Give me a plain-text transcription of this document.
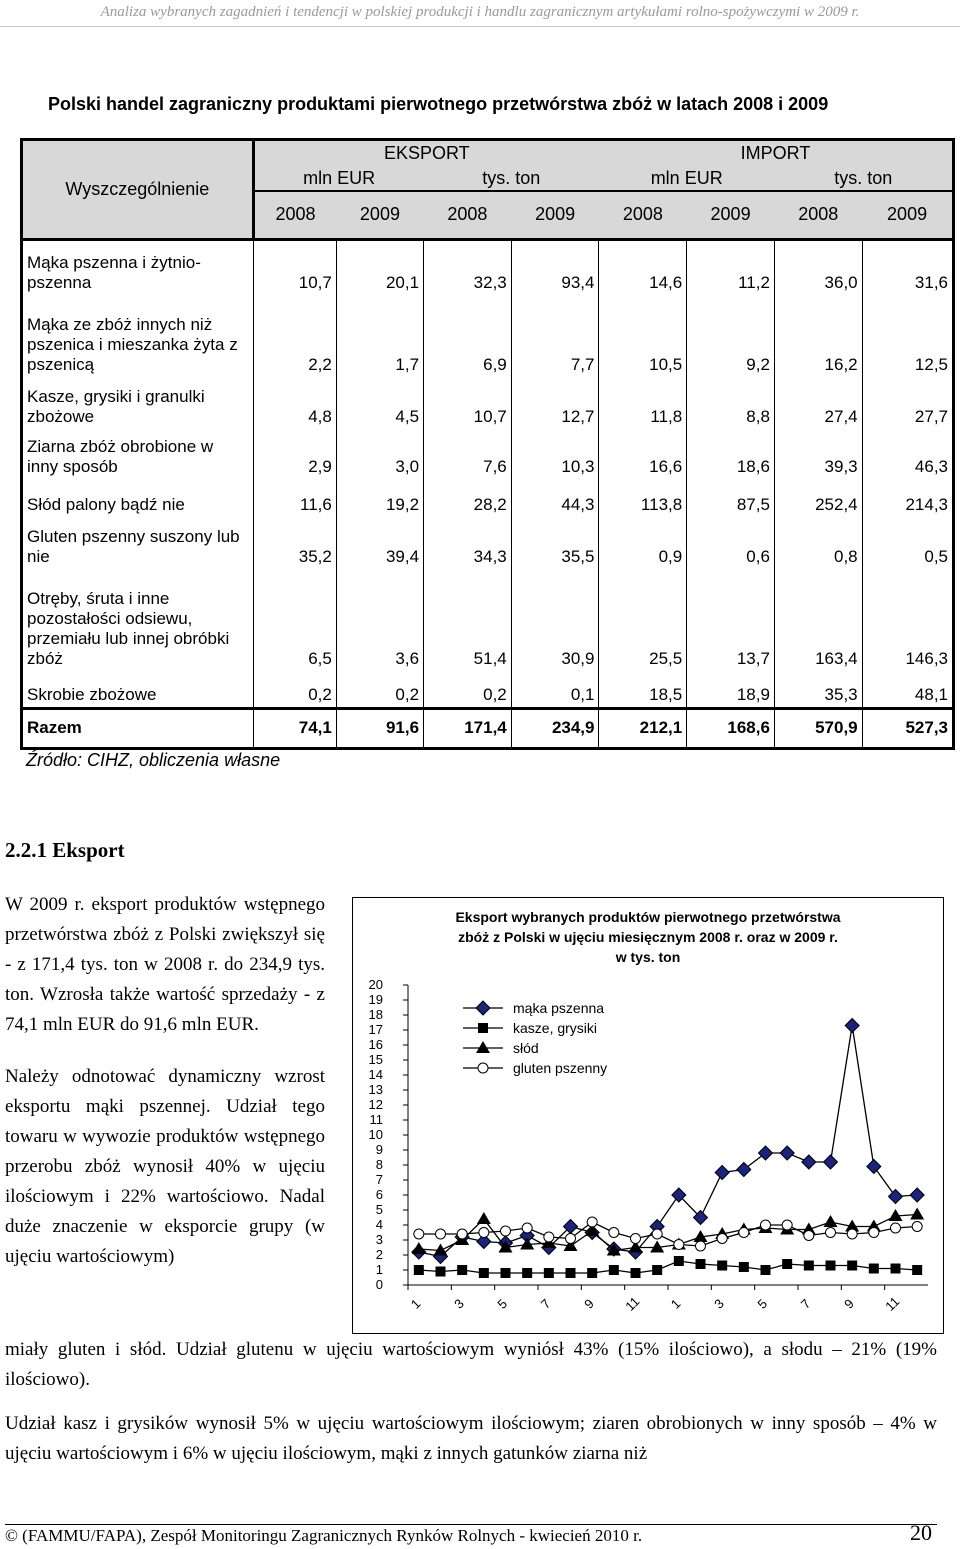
Analiza wybranych zagadnień i tendencji w polskiej produkcji i handlu zagranicznym artykułami rolno-spożywczymi w 2009 r.
Polski handel zagraniczny produktami pierwotnego przetwórstwa zbóż w latach 2008 i 2009
Wyszczególnienie	EKSPORT				IMPORT			
	mln EUR		tys. ton		mln EUR		tys. ton	
	2008	2009	2008	2009	2008	2009	2008	2009
Mąka pszenna i żytnio-pszenna	10,7	20,1	32,3	93,4	14,6	11,2	36,0	31,6
Mąka ze zbóż innych niż pszenica i mieszanka żyta z pszenicą	2,2	1,7	6,9	7,7	10,5	9,2	16,2	12,5
Kasze, grysiki i granulki zbożowe	4,8	4,5	10,7	12,7	11,8	8,8	27,4	27,7
Ziarna zbóż obrobione w inny sposób	2,9	3,0	7,6	10,3	16,6	18,6	39,3	46,3
Słód palony bądź nie	11,6	19,2	28,2	44,3	113,8	87,5	252,4	214,3
Gluten pszenny suszony lub nie	35,2	39,4	34,3	35,5	0,9	0,6	0,8	0,5
Otręby, śruta i inne pozostałości odsiewu, przemiału lub innej obróbki zbóż	6,5	3,6	51,4	30,9	25,5	13,7	163,4	146,3
Skrobie zbożowe	0,2	0,2	0,2	0,1	18,5	18,9	35,3	48,1
Razem	74,1	91,6	171,4	234,9	212,1	168,6	570,9	527,3
Źródło: CIHZ, obliczenia własne
2.2.1 Eksport

W 2009 r. eksport produktów wstępnego przetwórstwa zbóż z Polski zwiększył się - z 171,4 tys. ton w 2008 r. do 234,9 tys. ton. Wzrosła także wartość sprzedaży - z 74,1 mln EUR do 91,6 mln EUR.

Należy odnotować dynamiczny wzrost eksportu mąki pszennej. Udział tego towaru w wywozie produktów wstępnego przerobu zbóż wynosił 40% w ujęciu ilościowym i 22% wartościowo. Nadal duże znaczenie w eksporcie grupy (w ujęciu wartościowym)

Eksport wybranych produktów pierwotnego przetwórstwa
zbóż z Polski w ujęciu miesięcznym 2008 r. oraz w 2009 r.
w tys. ton
0
1
2
3
4
5
6
7
8
9
10
11
12
13
14
15
16
17
18
19
20
1 3 5 7 9 11 1 3 5 7 9 11
mąka pszenna
kasze, grysiki
słód
gluten pszenny

miały gluten i słód. Udział glutenu w ujęciu wartościowym wyniósł 43% (15% ilościowo), a słodu – 21% (19% ilościowo).

Udział kasz i grysików wynosił 5% w ujęciu wartościowym ilościowym; ziaren obrobionych w inny sposób – 4% w ujęciu wartościowym i 6% w ujęciu ilościowym, mąki z innych gatunków ziarna niż

© (FAMMU/FAPA), Zespół Monitoringu Zagranicznych Rynków Rolnych - kwiecień 2010 r.	20
